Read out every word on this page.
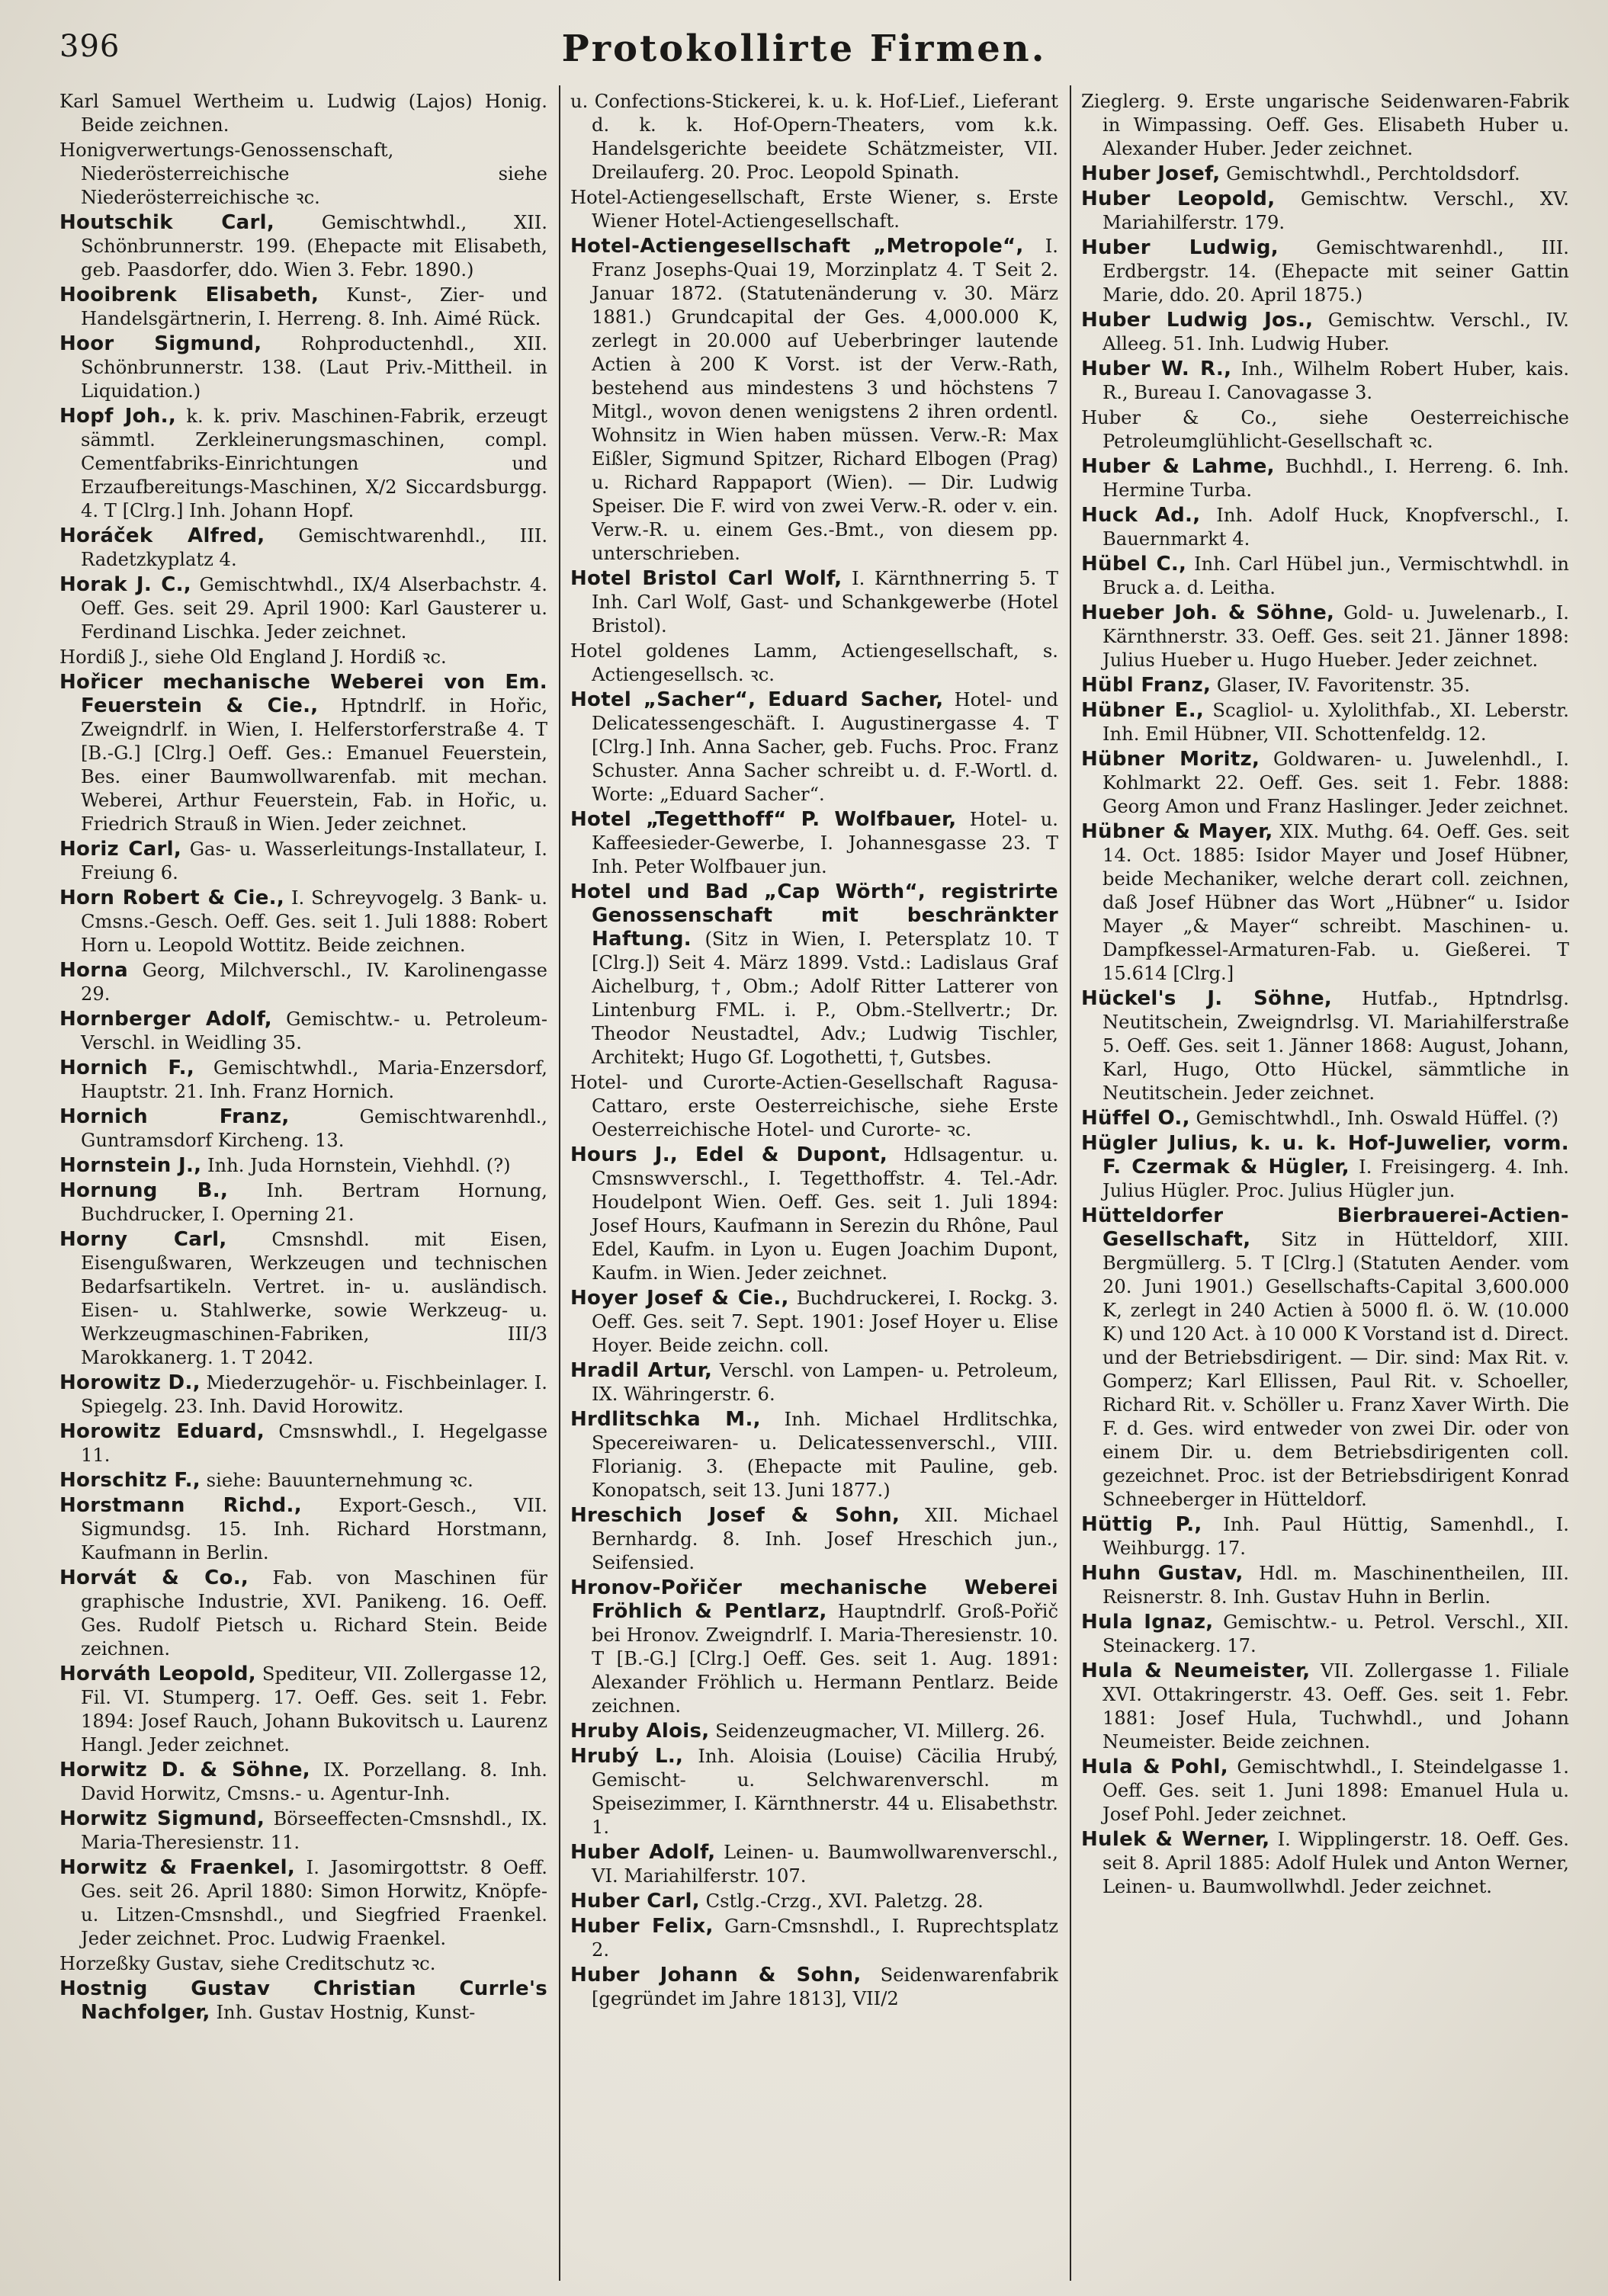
396	Protokollirte Firmen.

Karl Samuel Wertheim u. Ludwig (Lajos) Honig. Beide zeichnen.

Honigverwertungs-Genossenschaft, Niederösterreichische siehe Niederösterreichische ꝛc.

Houtschik Carl,	Gemischtwhdl., XII. Schönbrunnerstr. 199. (Ehepacte mit Elisabeth, geb. Paasdorfer, ddo. Wien 3. Febr. 1890.)

Hooibrenk Elisabeth, Kunst-, Zier- und Handelsgärtnerin, I. Herreng. 8. Inh. Aimé Rück.

Hoor Sigmund, Rohproductenhdl., XII. Schönbrunnerstr. 138. (Laut Priv.-Mittheil. in Liquidation.)

Hopf Joh., k. k. priv. Maschinen-Fabrik, erzeugt sämmtl. Zerkleinerungsmaschinen, compl. Cementfabriks-Einrichtungen und Erzaufbereitungs-Maschinen, X/2 Siccardsburgg. 4. T [Clrg.] Inh. Johann Hopf.

Horáček Alfred, Gemischtwarenhdl., III. Radetzkyplatz 4.

Horak J. C., Gemischtwhdl., IX/4 Alserbachstr. 4. Oeff. Ges. seit 29. April 1900: Karl Gausterer u. Ferdinand Lischka. Jeder zeichnet.

Hordiß J., siehe Old England J. Hordiß ꝛc.

Hořicer mechanische Weberei von Em. Feuerstein & Cie., Hptndrlf. in Hořic, Zweigndrlf. in Wien, I. Helferstorferstraße 4. T [B.-G.] [Clrg.] Oeff. Ges.: Emanuel Feuerstein, Bes. einer Baumwollwarenfab. mit mechan. Weberei, Arthur Feuerstein, Fab. in Hořic, u. Friedrich Strauß in Wien. Jeder zeichnet.

Horiz Carl, Gas- u. Wasserleitungs-Installateur, I. Freiung 6.

Horn Robert & Cie., I. Schreyvogelg. 3 Bank- u. Cmsns.-Gesch. Oeff. Ges. seit 1. Juli 1888: Robert Horn u. Leopold Wottitz. Beide zeichnen.

Horna Georg, Milchverschl., IV. Karolinengasse 29.

Hornberger Adolf, Gemischtw.- u. Petroleum-Verschl. in Weidling 35.

Hornich F., Gemischtwhdl., Maria-Enzersdorf, Hauptstr. 21. Inh. Franz Hornich.

Hornich Franz,	Gemischtwarenhdl., Guntramsdorf Kircheng. 13.

Hornstein J., Inh. Juda Hornstein, Viehhdl. (?)

Hornung B., Inh. Bertram Hornung, Buchdrucker, I. Operning 21.

Horny Carl, Cmsnshdl. mit Eisen, Eisengußwaren, Werkzeugen und technischen Bedarfsartikeln. Vertret. in- u. ausländisch. Eisen- u. Stahlwerke, sowie Werkzeug- u. Werkzeugmaschinen-Fabriken, III/3 Marokkanerg. 1. T 2042.

Horowitz D., Miederzugehör- u. Fischbeinlager. I. Spiegelg. 23. Inh. David Horowitz.

Horowitz Eduard, Cmsnswhdl., I. Hegelgasse 11.

Horschitz F., siehe: Bauunternehmung ꝛc.

Horstmann Richd., Export-Gesch., VII. Sigmundsg. 15. Inh. Richard Horstmann, Kaufmann in Berlin.

Horvát & Co., Fab. von Maschinen für graphische Industrie, XVI. Panikeng. 16. Oeff. Ges. Rudolf Pietsch u. Richard Stein. Beide zeichnen.

Horváth Leopold, Spediteur, VII. Zollergasse 12, Fil. VI. Stumperg. 17. Oeff. Ges. seit 1. Febr. 1894: Josef Rauch, Johann Bukovitsch u. Laurenz Hangl. Jeder zeichnet.

Horwitz D. & Söhne, IX. Porzellang. 8. Inh. David Horwitz, Cmsns.- u. Agentur-Inh.

Horwitz Sigmund, Börseeffecten-Cmsnshdl., IX. Maria-Theresienstr. 11.

Horwitz & Fraenkel, I. Jasomirgottstr. 8 Oeff. Ges. seit 26. April 1880: Simon Horwitz, Knöpfe- u. Litzen-Cmsnshdl., und Siegfried Fraenkel. Jeder zeichnet. Proc. Ludwig Fraenkel.

Horzeßky Gustav, siehe Creditschutz ꝛc.

Hostnig Gustav Christian Currle's Nachfolger, Inh. Gustav Hostnig, Kunst-

u. Confections-Stickerei, k. u. k. Hof-Lief., Lieferant d. k. k. Hof-Opern-Theaters, vom k.k. Handelsgerichte beeidete Schätzmeister, VII. Dreilauferg. 20. Proc. Leopold Spinath.

Hotel-Actiengesellschaft, Erste Wiener, s. Erste Wiener Hotel-Actiengesellschaft.

Hotel-Actiengesellschaft „Metropole“, I. Franz Josephs-Quai 19, Morzinplatz 4. T Seit 2. Januar 1872. (Statutenänderung v. 30. März 1881.) Grundcapital der Ges. 4,000.000 K, zerlegt in 20.000 auf Ueberbringer lautende Actien à 200 K Vorst. ist der Verw.-Rath, bestehend aus mindestens 3 und höchstens 7 Mitgl., wovon denen wenigstens 2 ihren ordentl. Wohnsitz in Wien haben müssen. Verw.-R: Max Eißler, Sigmund Spitzer, Richard Elbogen (Prag) u. Richard Rappaport (Wien). — Dir. Ludwig Speiser. Die F. wird von zwei Verw.-R. oder v. ein. Verw.-R. u. einem Ges.-Bmt., von diesem pp. unterschrieben.

Hotel Bristol Carl Wolf, I. Kärnthnerring 5. T Inh. Carl Wolf, Gast- und Schankgewerbe (Hotel Bristol).

Hotel goldenes Lamm, Actiengesellschaft, s. Actiengesellsch. ꝛc.

Hotel „Sacher“, Eduard Sacher, Hotel- und Delicatessengeschäft. I. Augustinergasse 4. T [Clrg.] Inh. Anna Sacher, geb. Fuchs. Proc. Franz Schuster. Anna Sacher schreibt u. d. F.-Wortl. d. Worte: „Eduard Sacher“.

Hotel „Tegetthoff“ P. Wolfbauer, Hotel- u. Kaffeesieder-Gewerbe, I. Johannesgasse 23. T Inh. Peter Wolfbauer jun.

Hotel und Bad „Cap Wörth“, registrirte Genossenschaft mit beschränkter Haftung. (Sitz in Wien, I. Petersplatz 10. T [Clrg.]) Seit 4. März 1899. Vstd.: Ladislaus Graf Aichelburg, †, Obm.; Adolf Ritter Latterer von Lintenburg FML. i. P., Obm.-Stellvertr.; Dr. Theodor Neustadtel, Adv.; Ludwig Tischler, Architekt; Hugo Gf. Logothetti, †, Gutsbes.

Hotel- und Curorte-Actien-Gesellschaft Ragusa-Cattaro, erste Oesterreichische, siehe Erste Oesterreichische Hotel- und Curorte- ꝛc.

Hours J., Edel & Dupont, Hdlsagentur. u. Cmsnswverschl., I. Tegetthoffstr. 4. Tel.-Adr. Houdelpont Wien. Oeff. Ges. seit 1. Juli 1894: Josef Hours, Kaufmann in Serezin du Rhône, Paul Edel, Kaufm. in Lyon u. Eugen Joachim Dupont, Kaufm. in Wien. Jeder zeichnet.

Hoyer Josef & Cie., Buchdruckerei, I. Rockg. 3. Oeff. Ges. seit 7. Sept. 1901: Josef Hoyer u. Elise Hoyer. Beide zeichn. coll.

Hradil Artur, Verschl. von Lampen- u. Petroleum, IX. Währingerstr. 6.

Hrdlitschka M., Inh. Michael Hrdlitschka, Specereiwaren- u. Delicatessenverschl., VIII. Florianig. 3. (Ehepacte mit Pauline, geb. Konopatsch, seit 13. Juni 1877.)

Hreschich Josef & Sohn, XII. Michael Bernhardg. 8. Inh. Josef Hreschich jun., Seifensied.

Hronov-Pořičer mechanische Weberei Fröhlich & Pentlarz, Hauptndrlf. Groß-Pořič bei Hronov. Zweigndrlf. I. Maria-Theresienstr. 10. T [B.-G.] [Clrg.] Oeff. Ges. seit 1. Aug. 1891: Alexander Fröhlich u. Hermann Pentlarz. Beide zeichnen.

Hruby Alois, Seidenzeugmacher, VI. Millerg. 26.

Hrubý L., Inh. Aloisia (Louise) Cäcilia Hrubý, Gemischt- u. Selchwarenverschl. m Speisezimmer, I. Kärnthnerstr. 44 u. Elisabethstr. 1.

Huber Adolf, Leinen- u. Baumwollwarenverschl., VI. Mariahilferstr. 107.

Huber Carl, Cstlg.-Crzg., XVI. Paletzg. 28.

Huber Felix, Garn-Cmsnshdl., I. Ruprechtsplatz 2.

Huber Johann & Sohn, Seidenwarenfabrik [gegründet im Jahre 1813], VII/2

Zieglerg. 9. Erste ungarische Seidenwaren-Fabrik in Wimpassing. Oeff. Ges. Elisabeth Huber u. Alexander Huber. Jeder zeichnet.

Huber Josef, Gemischtwhdl., Perchtoldsdorf.

Huber Leopold, Gemischtw. Verschl., XV. Mariahilferstr. 179.

Huber Ludwig, Gemischtwarenhdl., III. Erdbergstr. 14. (Ehepacte mit seiner Gattin Marie, ddo. 20. April 1875.)

Huber Ludwig Jos., Gemischtw. Verschl., IV. Alleeg. 51. Inh. Ludwig Huber.

Huber W. R., Inh., Wilhelm Robert Huber, kais. R., Bureau I. Canovagasse 3.

Huber & Co., siehe Oesterreichische Petroleumglühlicht-Gesellschaft ꝛc.

Huber & Lahme, Buchhdl., I. Herreng. 6. Inh. Hermine Turba.

Huck Ad., Inh. Adolf Huck, Knopfverschl., I. Bauernmarkt 4.

Hübel C., Inh. Carl Hübel jun., Vermischtwhdl. in Bruck a. d. Leitha.

Hueber Joh. & Söhne, Gold- u. Juwelenarb., I. Kärnthnerstr. 33. Oeff. Ges. seit 21. Jänner 1898: Julius Hueber u. Hugo Hueber. Jeder zeichnet.

Hübl Franz, Glaser, IV. Favoritenstr. 35.

Hübner E., Scagliol- u. Xylolithfab., XI. Leberstr. Inh. Emil Hübner, VII. Schottenfeldg. 12.

Hübner Moritz, Goldwaren- u. Juwelenhdl., I. Kohlmarkt 22. Oeff. Ges. seit 1. Febr. 1888: Georg Amon und Franz Haslinger. Jeder zeichnet.

Hübner & Mayer, XIX. Muthg. 64. Oeff. Ges. seit 14. Oct. 1885: Isidor Mayer und Josef Hübner, beide Mechaniker, welche derart coll. zeichnen, daß Josef Hübner das Wort „Hübner“ u. Isidor Mayer „& Mayer“ schreibt. Maschinen- u. Dampfkessel-Armaturen-Fab. u. Gießerei. T 15.614 [Clrg.]

Hückel's J. Söhne, Hutfab., Hptndrlsg. Neutitschein, Zweigndrlsg. VI. Mariahilferstraße 5. Oeff. Ges. seit 1. Jänner 1868: August, Johann, Karl, Hugo, Otto Hückel, sämmtliche in Neutitschein. Jeder zeichnet.

Hüffel O., Gemischtwhdl., Inh. Oswald Hüffel. (?)

Hügler Julius, k. u. k. Hof-Juwelier, vorm. F. Czermak & Hügler, I. Freisingerg. 4. Inh. Julius Hügler. Proc. Julius Hügler jun.

Hütteldorfer Bierbrauerei-Actien-Gesellschaft, Sitz in Hütteldorf, XIII. Bergmüllerg. 5. T [Clrg.] (Statuten Aender. vom 20. Juni 1901.) Gesellschafts-Capital 3,600.000 K, zerlegt in 240 Actien à 5000 fl. ö. W. (10.000 K) und 120 Act. à 10 000 K Vorstand ist d. Direct. und der Betriebsdirigent. — Dir. sind: Max Rit. v. Gomperz; Karl Ellissen, Paul Rit. v. Schoeller, Richard Rit. v. Schöller u. Franz Xaver Wirth. Die F. d. Ges. wird entweder von zwei Dir. oder von einem Dir. u. dem Betriebsdirigenten coll. gezeichnet. Proc. ist der Betriebsdirigent Konrad Schneeberger in Hütteldorf.

Hüttig P., Inh. Paul Hüttig, Samenhdl., I. Weihburgg. 17.

Huhn Gustav, Hdl. m. Maschinentheilen, III. Reisnerstr. 8. Inh. Gustav Huhn in Berlin.

Hula Ignaz, Gemischtw.- u. Petrol. Verschl., XII. Steinackerg. 17.

Hula & Neumeister, VII. Zollergasse 1. Filiale XVI. Ottakringerstr. 43. Oeff. Ges. seit 1. Febr. 1881: Josef Hula, Tuchwhdl., und Johann Neumeister. Beide zeichnen.

Hula & Pohl, Gemischtwhdl., I. Steindelgasse 1. Oeff. Ges. seit 1. Juni 1898: Emanuel Hula u. Josef Pohl. Jeder zeichnet.

Hulek & Werner, I. Wipplingerstr. 18. Oeff. Ges. seit 8. April 1885: Adolf Hulek und Anton Werner, Leinen- u. Baumwollwhdl. Jeder zeichnet.
